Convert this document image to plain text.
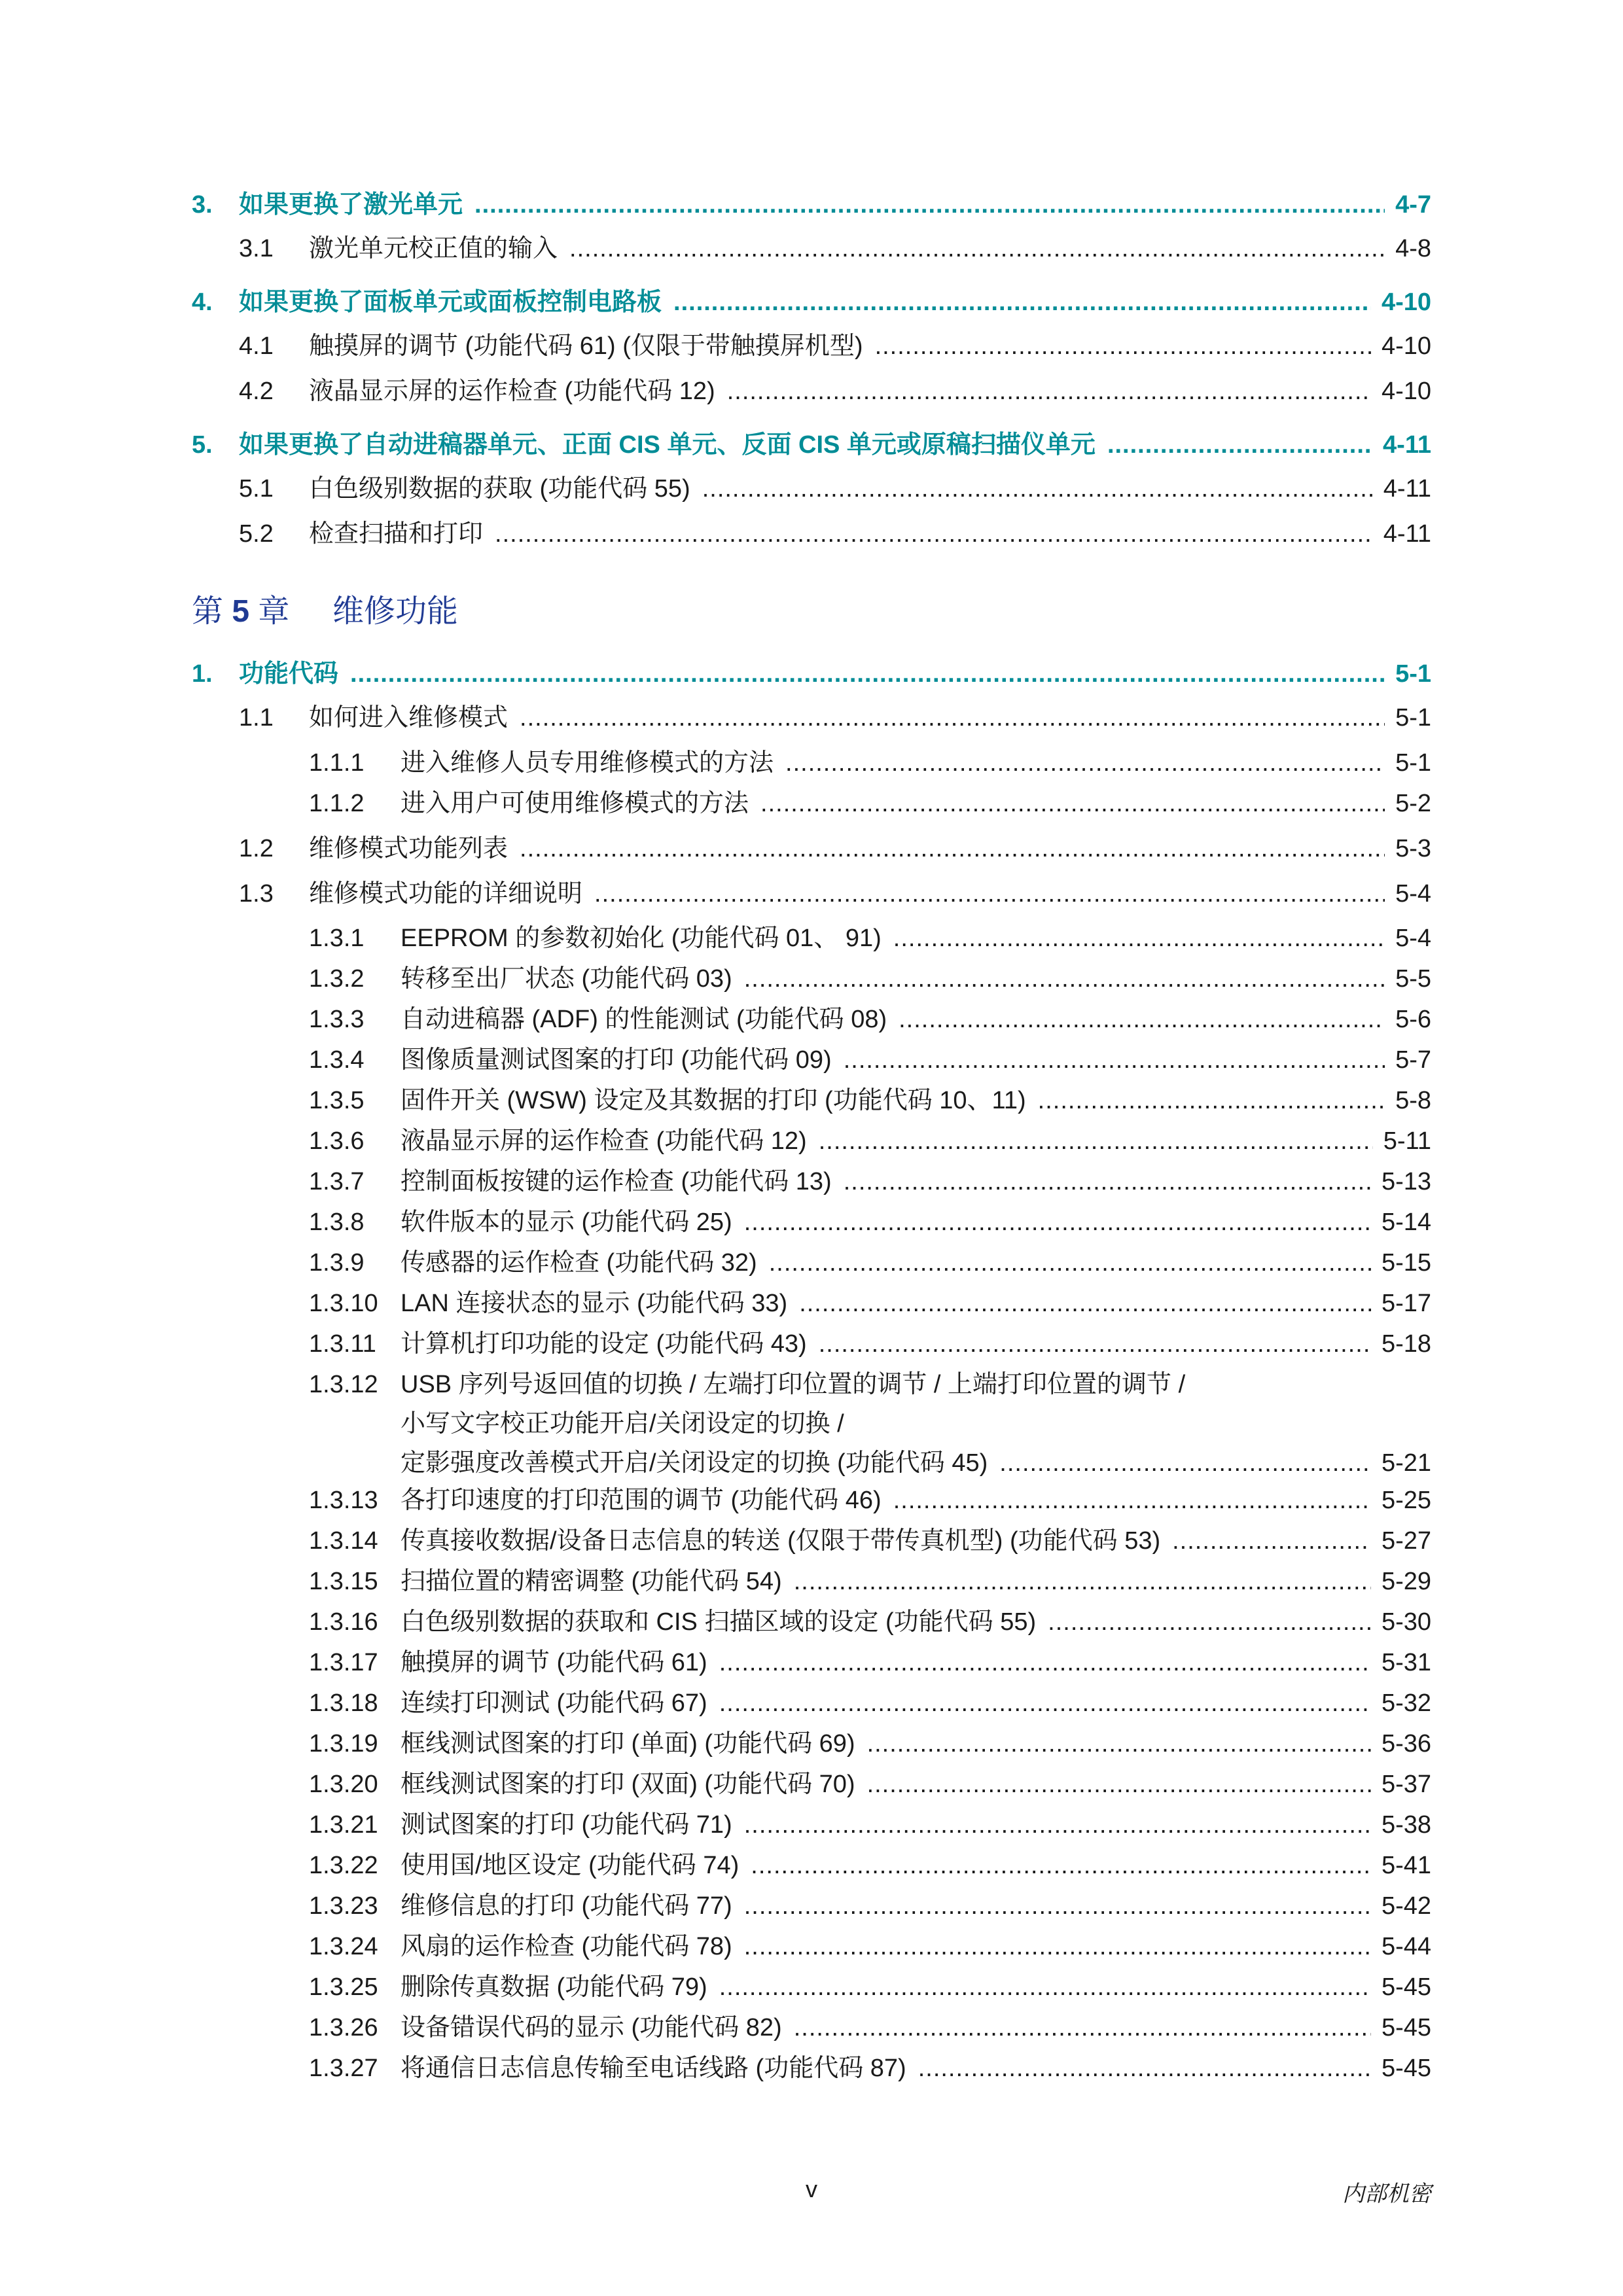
3.	如果更换了激光单元 .....	4-7
3.1	激光单元校正值的输入 .....	4-8
4.	如果更换了面板单元或面板控制电路板 .....	4-10
4.1	触摸屏的调节 (功能代码 61) (仅限于带触摸屏机型) .....	4-10
4.2	液晶显示屏的运作检查 (功能代码 12) .....	4-10
5.	如果更换了自动进稿器单元、正面 CIS 单元、反面 CIS 单元或原稿扫描仪单元 .....	4-11
5.1	白色级别数据的获取 (功能代码 55) .....	4-11
5.2	检查扫描和打印 .....	4-11
第 5 章 维修功能
1.	功能代码 .....	5-1
1.1	如何进入维修模式 .....	5-1
1.1.1	进入维修人员专用维修模式的方法 .....	5-1
1.1.2	进入用户可使用维修模式的方法 .....	5-2
1.2	维修模式功能列表 .....	5-3
1.3	维修模式功能的详细说明 .....	5-4
1.3.1	EEPROM 的参数初始化 (功能代码 01、 91) .....	5-4
1.3.2	转移至出厂状态 (功能代码 03) .....	5-5
1.3.3	自动进稿器 (ADF) 的性能测试 (功能代码 08) .....	5-6
1.3.4	图像质量测试图案的打印 (功能代码 09) .....	5-7
1.3.5	固件开关 (WSW) 设定及其数据的打印 (功能代码 10、11) .....	5-8
1.3.6	液晶显示屏的运作检查 (功能代码 12) .....	5-11
1.3.7	控制面板按键的运作检查 (功能代码 13) .....	5-13
1.3.8	软件版本的显示 (功能代码 25) .....	5-14
1.3.9	传感器的运作检查 (功能代码 32) .....	5-15
1.3.10 LAN 连接状态的显示 (功能代码 33) .....	5-17
1.3.11 计算机打印功能的设定 (功能代码 43) .....	5-18
1.3.12 USB 序列号返回值的切换 / 左端打印位置的调节 / 上端打印位置的调节 /
小写文字校正功能开启/关闭设定的切换 /
定影强度改善模式开启/关闭设定的切换 (功能代码 45) .....	5-21
1.3.13 各打印速度的打印范围的调节 (功能代码 46) .....	5-25
1.3.14 传真接收数据/设备日志信息的转送 (仅限于带传真机型) (功能代码 53) .....	5-27
1.3.15 扫描位置的精密调整 (功能代码 54) .....	5-29
1.3.16 白色级别数据的获取和 CIS 扫描区域的设定 (功能代码 55) .....	5-30
1.3.17 触摸屏的调节 (功能代码 61) .....	5-31
1.3.18 连续打印测试 (功能代码 67) .....	5-32
1.3.19 框线测试图案的打印 (单面) (功能代码 69) .....	5-36
1.3.20 框线测试图案的打印 (双面) (功能代码 70) .....	5-37
1.3.21 测试图案的打印 (功能代码 71) .....	5-38
1.3.22 使用国/地区设定 (功能代码 74) .....	5-41
1.3.23 维修信息的打印 (功能代码 77) .....	5-42
1.3.24 风扇的运作检查 (功能代码 78) .....	5-44
1.3.25 删除传真数据 (功能代码 79) .....	5-45
1.3.26 设备错误代码的显示 (功能代码 82) .....	5-45
1.3.27 将通信日志信息传输至电话线路 (功能代码 87) .....	5-45
v	内部机密
